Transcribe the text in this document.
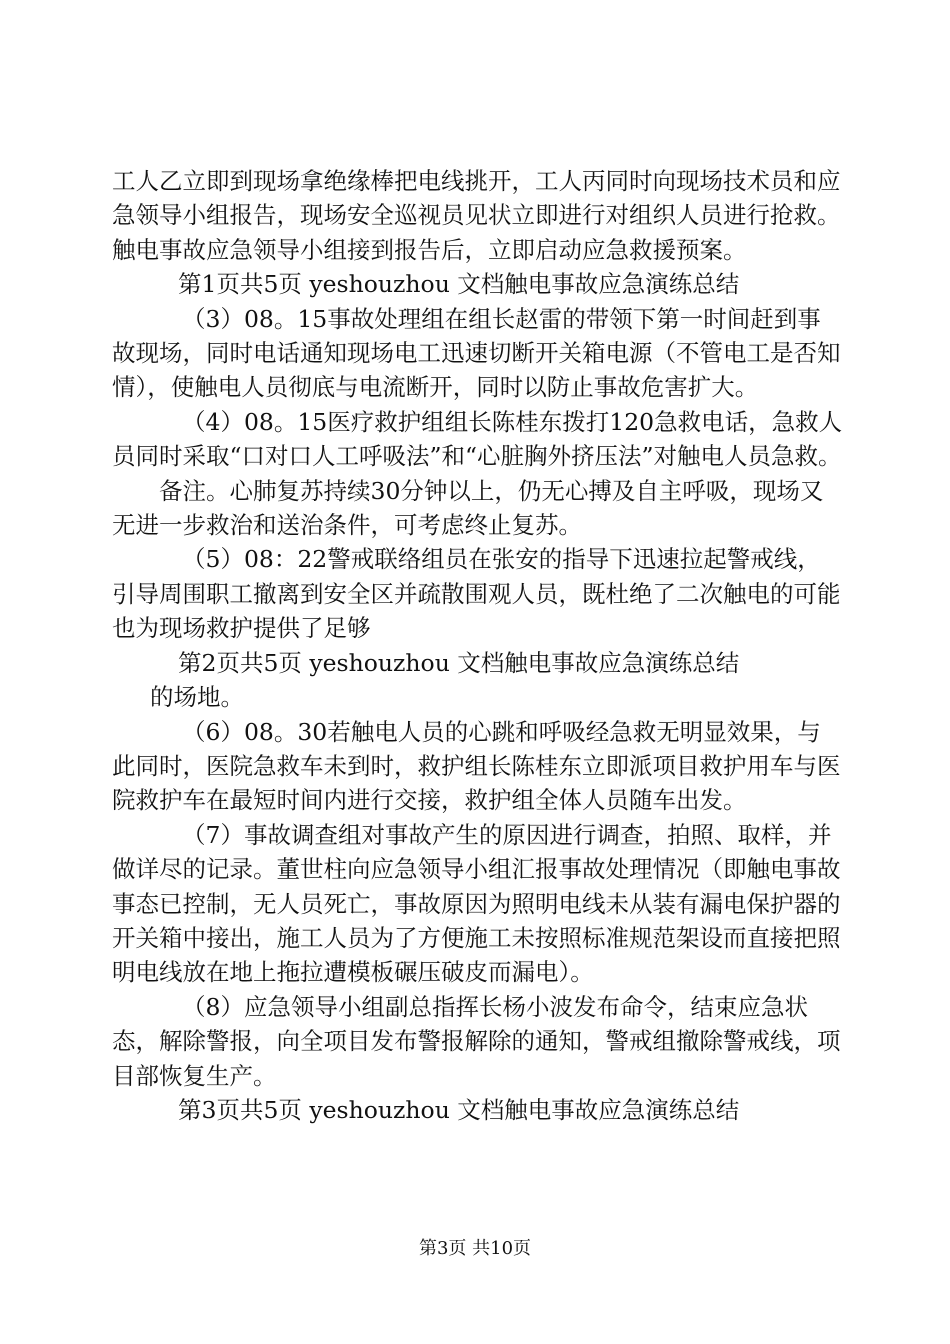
工人乙立即到现场拿绝缘棒把电线挑开，工人丙同时向现场技术员和应急领导小组报告，现场安全巡视员见状立即进行对组织人员进行抢救。触电事故应急领导小组接到报告后，立即启动应急救援预案。

第1页共5页 yeshouzhou 文档触电事故应急演练总结

（3）08。15事故处理组在组长赵雷的带领下第一时间赶到事故现场，同时电话通知现场电工迅速切断开关箱电源（不管电工是否知情），使触电人员彻底与电流断开，同时以防止事故危害扩大。

（4）08。15医疗救护组组长陈桂东拨打120急救电话，急救人员同时采取“口对口人工呼吸法”和“心脏胸外挤压法”对触电人员急救。

备注。心肺复苏持续30分钟以上，仍无心搏及自主呼吸，现场又无进一步救治和送治条件，可考虑终止复苏。

（5）08：22警戒联络组员在张安的指导下迅速拉起警戒线，引导周围职工撤离到安全区并疏散围观人员，既杜绝了二次触电的可能也为现场救护提供了足够

第2页共5页 yeshouzhou 文档触电事故应急演练总结

的场地。

（6）08。30若触电人员的心跳和呼吸经急救无明显效果，与此同时，医院急救车未到时，救护组长陈桂东立即派项目救护用车与医院救护车在最短时间内进行交接，救护组全体人员随车出发。

（7）事故调查组对事故产生的原因进行调查，拍照、取样，并做详尽的记录。董世柱向应急领导小组汇报事故处理情况（即触电事故事态已控制，无人员死亡，事故原因为照明电线未从装有漏电保护器的开关箱中接出，施工人员为了方便施工未按照标准规范架设而直接把照明电线放在地上拖拉遭模板碾压破皮而漏电）。

（8）应急领导小组副总指挥长杨小波发布命令，结束应急状态，解除警报，向全项目发布警报解除的通知，警戒组撤除警戒线，项目部恢复生产。

第3页共5页 yeshouzhou 文档触电事故应急演练总结

第3页 共10页
